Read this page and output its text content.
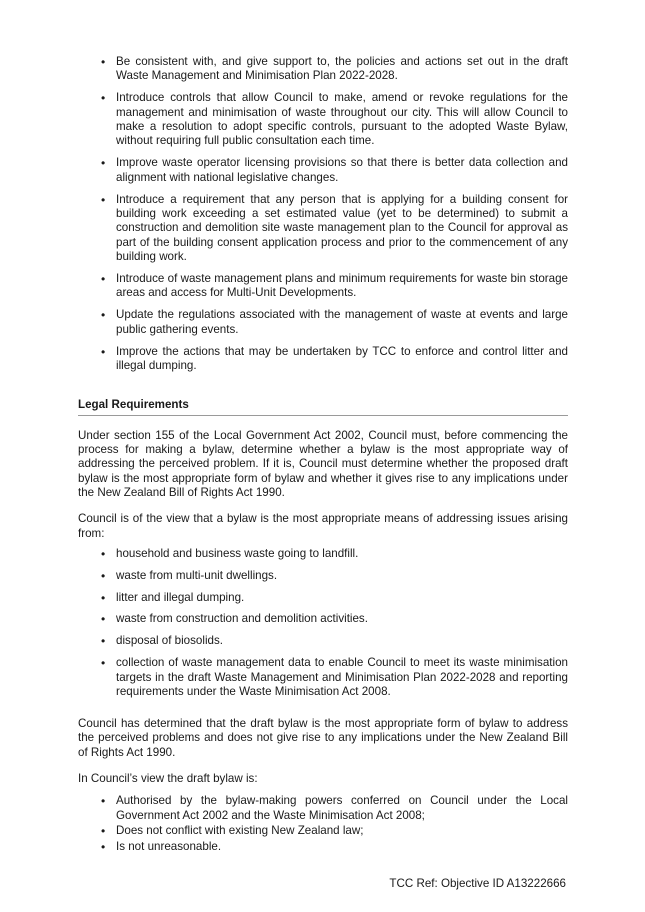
• Be consistent with, and give support to, the policies and actions set out in the draft Waste Management and Minimisation Plan 2022-2028.
• Introduce controls that allow Council to make, amend or revoke regulations for the management and minimisation of waste throughout our city. This will allow Council to make a resolution to adopt specific controls, pursuant to the adopted Waste Bylaw, without requiring full public consultation each time.
• Improve waste operator licensing provisions so that there is better data collection and alignment with national legislative changes.
• Introduce a requirement that any person that is applying for a building consent for building work exceeding a set estimated value (yet to be determined) to submit a construction and demolition site waste management plan to the Council for approval as part of the building consent application process and prior to the commencement of any building work.
• Introduce of waste management plans and minimum requirements for waste bin storage areas and access for Multi-Unit Developments.
• Update the regulations associated with the management of waste at events and large public gathering events.
• Improve the actions that may be undertaken by TCC to enforce and control litter and illegal dumping.
Legal Requirements

Under section 155 of the Local Government Act 2002, Council must, before commencing the process for making a bylaw, determine whether a bylaw is the most appropriate way of addressing the perceived problem. If it is, Council must determine whether the proposed draft bylaw is the most appropriate form of bylaw and whether it gives rise to any implications under the New Zealand Bill of Rights Act 1990.

Council is of the view that a bylaw is the most appropriate means of addressing issues arising from:

• household and business waste going to landfill.
• waste from multi-unit dwellings.
• litter and illegal dumping.
• waste from construction and demolition activities.
• disposal of biosolids.
• collection of waste management data to enable Council to meet its waste minimisation targets in the draft Waste Management and Minimisation Plan 2022-2028 and reporting requirements under the Waste Minimisation Act 2008.

Council has determined that the draft bylaw is the most appropriate form of bylaw to address the perceived problems and does not give rise to any implications under the New Zealand Bill of Rights Act 1990.

In Council’s view the draft bylaw is:

• Authorised by the bylaw-making powers conferred on Council under the Local Government Act 2002 and the Waste Minimisation Act 2008;
• Does not conflict with existing New Zealand law;
• Is not unreasonable.
TCC Ref: Objective ID A13222666
